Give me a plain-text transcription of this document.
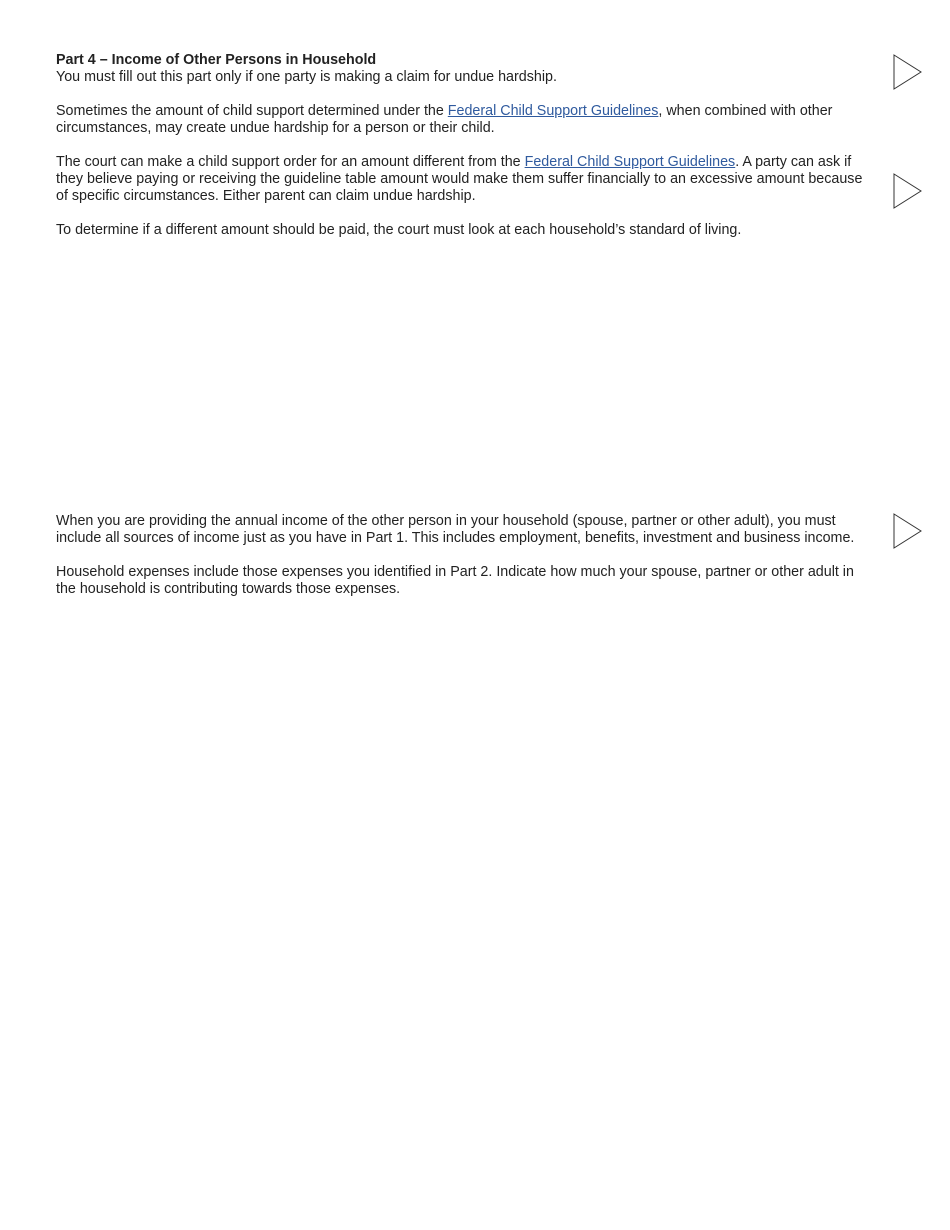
Part 4 – Income of Other Persons in Household
You must fill out this part only if one party is making a claim for undue hardship.

Sometimes the amount of child support determined under the Federal Child Support Guidelines, when combined with other circumstances, may create undue hardship for a person or their child.

The court can make a child support order for an amount different from the Federal Child Support Guidelines. A party can ask if they believe paying or receiving the guideline table amount would make them suffer financially to an excessive amount because of specific circumstances. Either parent can claim undue hardship.

To determine if a different amount should be paid, the court must look at each household’s standard of living.

When you are providing the annual income of the other person in your household (spouse, partner or other adult), you must include all sources of income just as you have in Part 1. This includes employment, benefits, investment and business income.

Household expenses include those expenses you identified in Part 2. Indicate how much your spouse, partner or other adult in the household is contributing towards those expenses.
